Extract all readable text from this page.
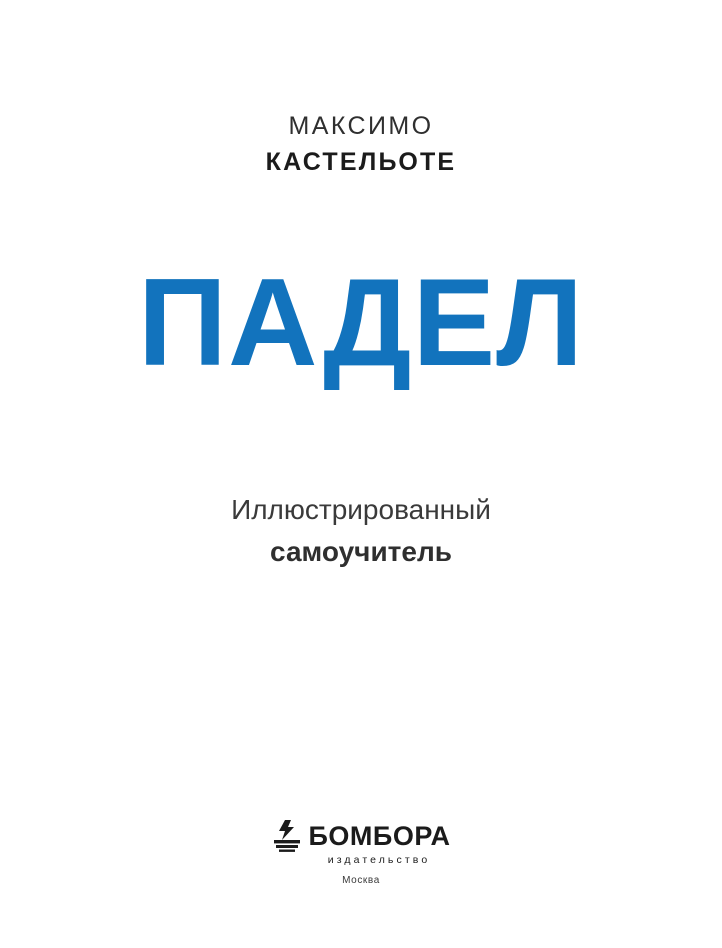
МАКСИМО
КАСТЕЛЬОТЕ
ПАДЕЛ
Иллюстрированный
самоучитель
БОМБОРА
издательство
Москва
